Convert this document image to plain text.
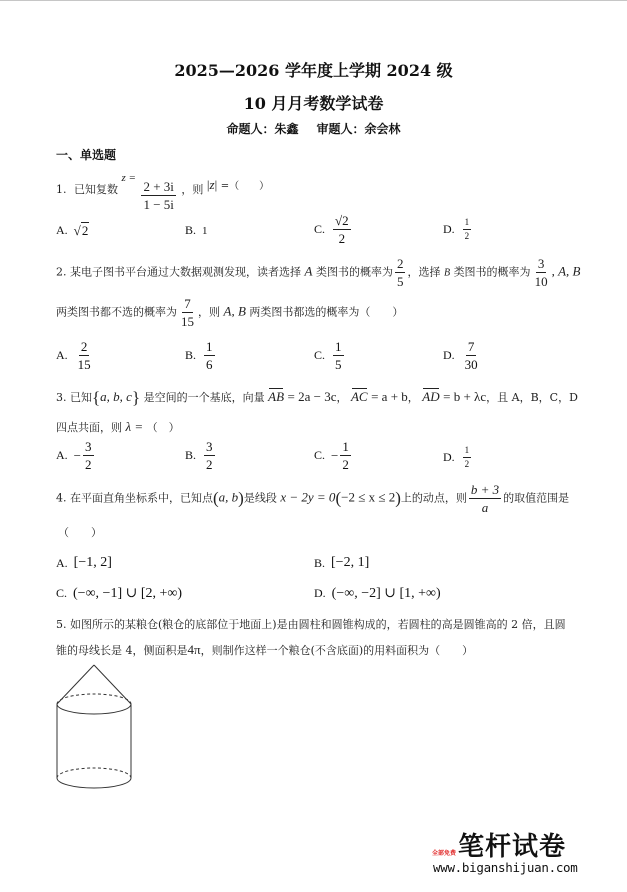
2025—2026 学年度上学期 2024 级
10 月月考数学试卷
命题人：朱鑫 审题人：余会林
一、单选题
1. 已知复数 z =
$\frac{2 + 3i}{1 - 5i}$ ，则 |z| =（　　）
A. √ 2	B. 1	C. $\frac{√2}{2}$	D. $\frac{1}{2}$
2. 某电子图书平台通过大数据观测发现，读者选择 A 类图书的概率为 $\frac{2}{5}$ ，选择 B 类图书的概率为 $\frac{3}{10}$ , A, B
两类图书都不选的概率为 $\frac{7}{15}$ ，则 A, B 两类图书都选的概率为（　　）
A. $\frac{2}{15}$	B. $\frac{1}{6}$	C. $\frac{1}{5}$	D. $\frac{7}{30}$
3. 已知{a, b, c} 是空间的一个基底，向量 AB = 2a − 3c， AC = a + b， AD = b + λc，且 A，B，C，D
四点共面，则 λ = （　）
A. − $\frac{3}{2}$	B. $\frac{3}{2}$	C. − $\frac{1}{2}$	D. $\frac{1}{2}$
4. 在平面直角坐标系中，已知点(a, b)是线段 x − 2y = 0(−2 ≤ x ≤ 2)上的动点，则 $\frac{b + 3}{a}$ 的取值范围是
（　　）
A. [−1, 2]	B. [−2, 1]
C. (−∞, −1] ∪ [2, +∞)	D. (−∞, −2] ∪ [1, +∞)
5. 如图所示的某粮仓(粮仓的底部位于地面上)是由圆柱和圆锥构成的，若圆柱的高是圆锥高的 2 倍，且圆
锥的母线长是 4，侧面积是4π，则制作这样一个粮仓(不含底面)的用料面积为（　　）
笔杆试卷
全部免费
www.biganshijuan.com
